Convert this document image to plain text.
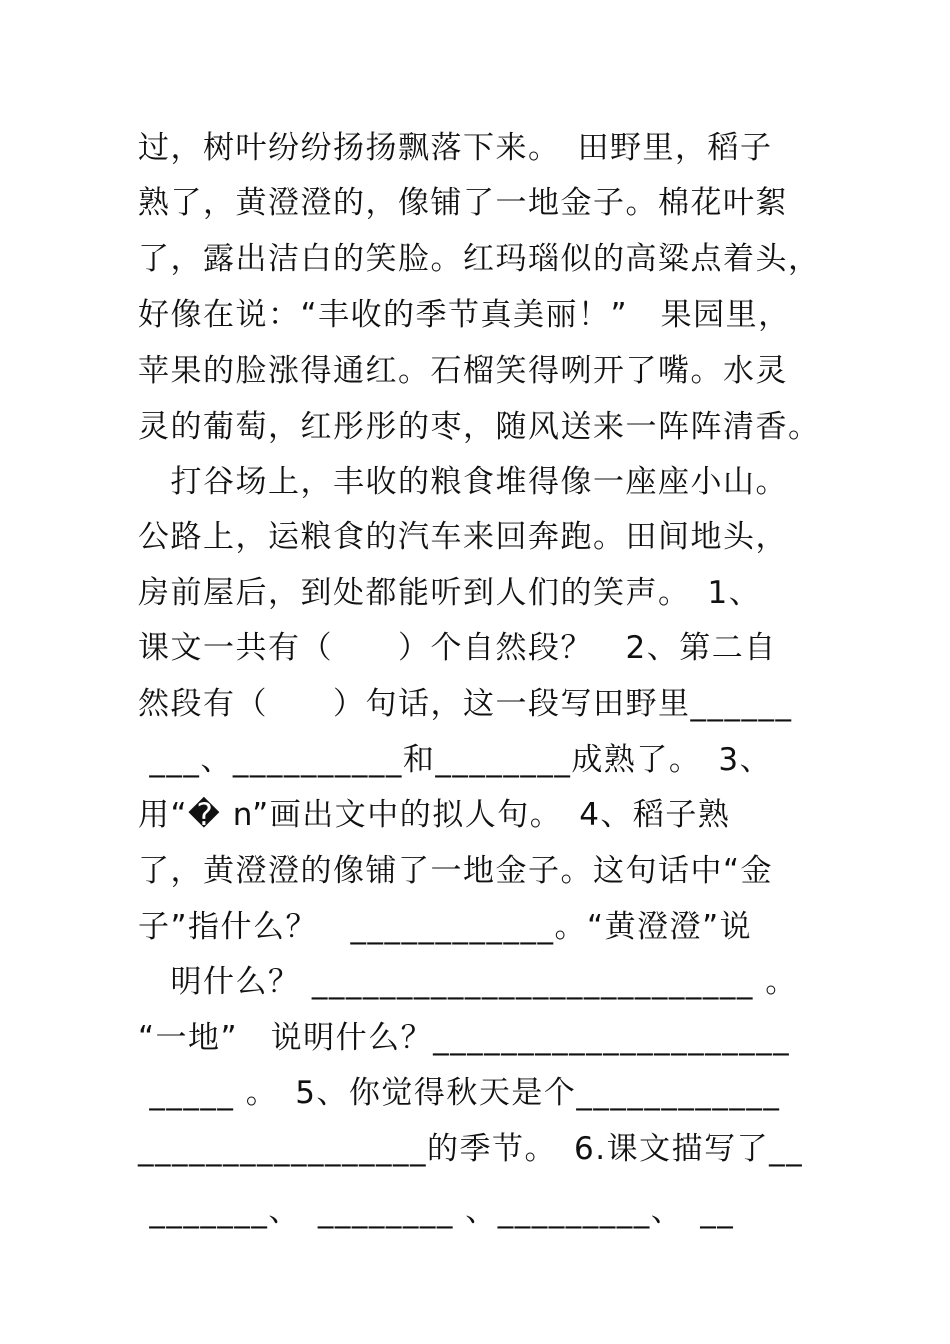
过，树叶纷纷扬扬飘落下来。　田野里，稻子
熟了，黄澄澄的，像铺了一地金子。棉花叶絮
了，露出洁白的笑脸。红玛瑙似的高粱点着头，
好像在说：“丰收的季节真美丽！”　果园里，
苹果的脸涨得通红。石榴笑得咧开了嘴。水灵
灵的葡萄，红彤彤的枣，随风送来一阵阵清香。
　打谷场上，丰收的粮食堆得像一座座小山。
公路上，运粮食的汽车来回奔跑。田间地头，
房前屋后，到处都能听到人们的笑声。　1、
课文一共有（　　）个自然段？　2、第二自
然段有（　　）句话，这一段写田野里______
___、__________和________成熟了。　3、
用“� n”画出文中的拟人句。　4、稻子熟
了，黄澄澄的像铺了一地金子。这句话中“金
子”指什么？　____________。“黄澄澄”说
　明什么？ __________________________ 。
“一地”　说明什么？_____________________
_____ 。　5、你觉得秋天是个____________
_________________的季节。　6.课文描写了__
_______、　________ 、_________、　__
